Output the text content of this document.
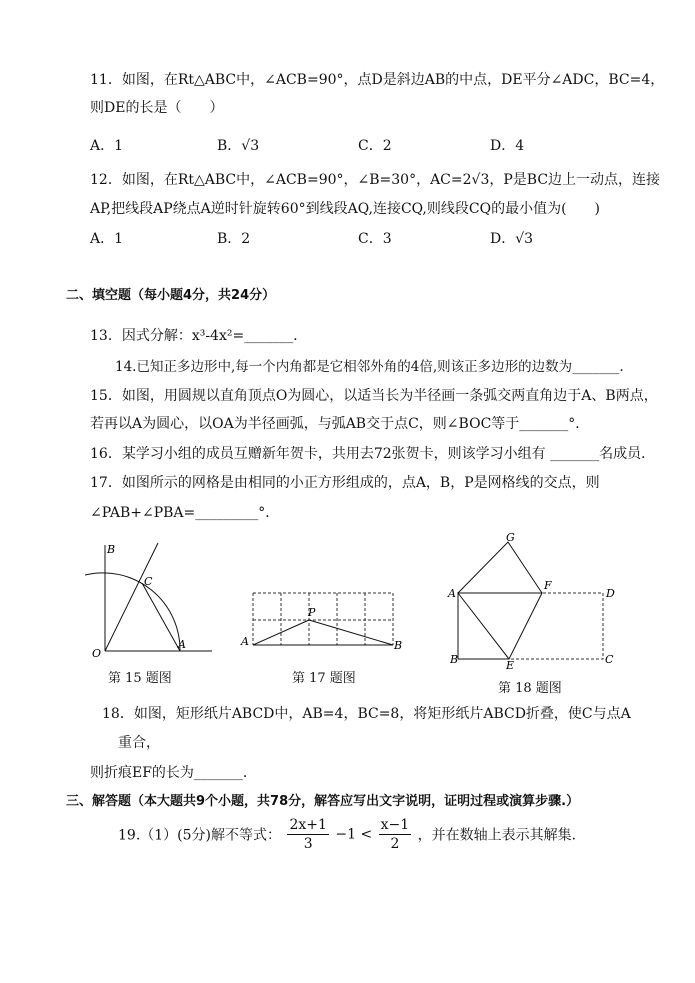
11．如图，在Rt△ABC中，∠ACB=90°，点D是斜边AB的中点，DE平分∠ADC，BC=4，
则DE的长是（　　）
A．1	B．√3	C．2	D．4
12．如图，在Rt△ABC中，∠ACB=90°，∠B=30°，AC=2√3，P是BC边上一动点，连接
AP,把线段AP绕点A逆时针旋转60°到线段AQ,连接CQ,则线段CQ的最小值为(　　)
A．1	B．2	C．3	D．√3
二、填空题（每小题4分，共24分）
13．因式分解：x³-4x²=_______．
14.已知正多边形中,每一个内角都是它相邻外角的4倍,则该正多边形的边数为_______.
15．如图，用圆规以直角顶点O为圆心，以适当长为半径画一条弧交两直角边于A、B两点，
若再以A为圆心，以OA为半径画弧，与弧AB交于点C，则∠BOC等于_______°．
16．某学习小组的成员互赠新年贺卡，共用去72张贺卡，则该学习小组有 _______名成员．
17．如图所示的网格是由相同的小正方形组成的，点A，B，P是网格线的交点，则
∠PAB+∠PBA=_________°．
B
C
O
A
第 15 题图
P
A	B
第 17 题图
G
A
F
D
B	E	C
第 18 题图
18．如图，矩形纸片ABCD中，AB=4，BC=8，将矩形纸片ABCD折叠，使C与点A
重合，
则折痕EF的长为_______．
三、解答题（本大题共9个小题，共78分，解答应写出文字说明，证明过程或演算步骤.）
19.（1）(5分)解不等式： $\frac{2x+1}{3} -1 < \frac{x-1}{2}$ ，并在数轴上表示其解集．
